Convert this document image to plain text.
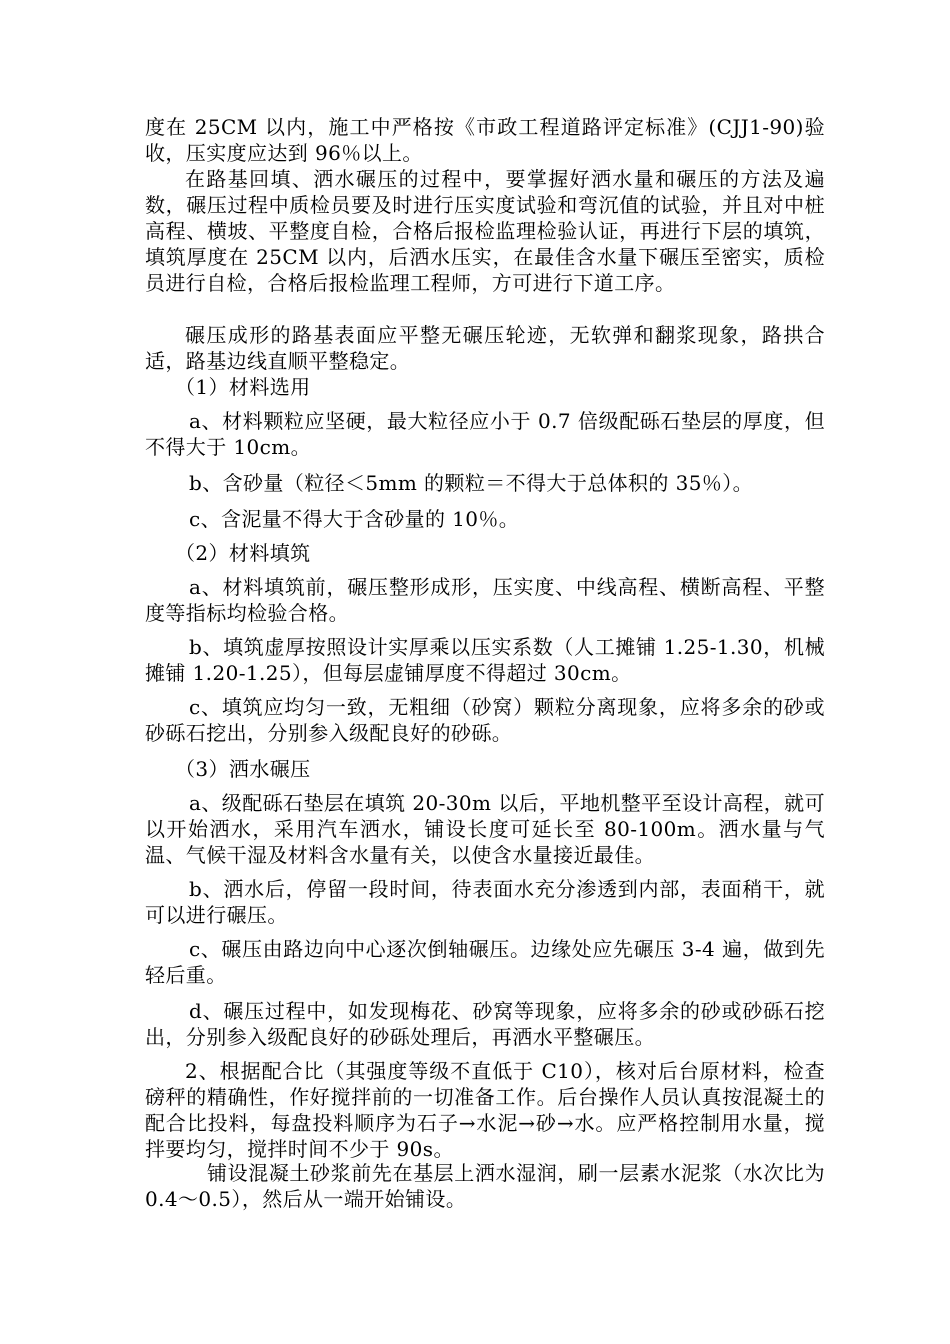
度在 25CM 以内，施工中严格按《市政工程道路评定标准》(CJJ1-90)验收，压实度应达到 96％以上。

在路基回填、洒水碾压的过程中，要掌握好洒水量和碾压的方法及遍数，碾压过程中质检员要及时进行压实度试验和弯沉值的试验，并且对中桩高程、横坡、平整度自检，合格后报检监理检验认证，再进行下层的填筑，填筑厚度在 25CM 以内，后洒水压实，在最佳含水量下碾压至密实，质检员进行自检，合格后报检监理工程师，方可进行下道工序。

碾压成形的路基表面应平整无碾压轮迹，无软弹和翻浆现象，路拱合适，路基边线直顺平整稳定。

（1）材料选用

a、材料颗粒应坚硬，最大粒径应小于 0.7 倍级配砾石垫层的厚度，但不得大于 10cm。

b、含砂量（粒径＜5mm 的颗粒＝不得大于总体积的 35％）。

c、含泥量不得大于含砂量的 10％。

（2）材料填筑

a、材料填筑前，碾压整形成形，压实度、中线高程、横断高程、平整度等指标均检验合格。

b、填筑虚厚按照设计实厚乘以压实系数（人工摊铺 1.25-1.30，机械摊铺 1.20-1.25），但每层虚铺厚度不得超过 30cm。

c、填筑应均匀一致，无粗细（砂窝）颗粒分离现象，应将多余的砂或砂砾石挖出，分别参入级配良好的砂砾。

（3）洒水碾压

a、级配砾石垫层在填筑 20-30m 以后，平地机整平至设计高程，就可以开始洒水，采用汽车洒水，铺设长度可延长至 80-100m。洒水量与气温、气候干湿及材料含水量有关，以使含水量接近最佳。

b、洒水后，停留一段时间，待表面水充分渗透到内部，表面稍干，就可以进行碾压。

c、碾压由路边向中心逐次倒轴碾压。边缘处应先碾压 3-4 遍，做到先轻后重。

d、碾压过程中，如发现梅花、砂窝等现象，应将多余的砂或砂砾石挖出，分别参入级配良好的砂砾处理后，再洒水平整碾压。

2、根据配合比（其强度等级不直低于 C10），核对后台原材料，检查磅秤的精确性，作好搅拌前的一切准备工作。后台操作人员认真按混凝土的配合比投料，每盘投料顺序为石子→水泥→砂→水。应严格控制用水量，搅拌要均匀，搅拌时间不少于 90s。

铺设混凝土砂浆前先在基层上洒水湿润，刷一层素水泥浆（水次比为 0.4～0.5），然后从一端开始铺设。
